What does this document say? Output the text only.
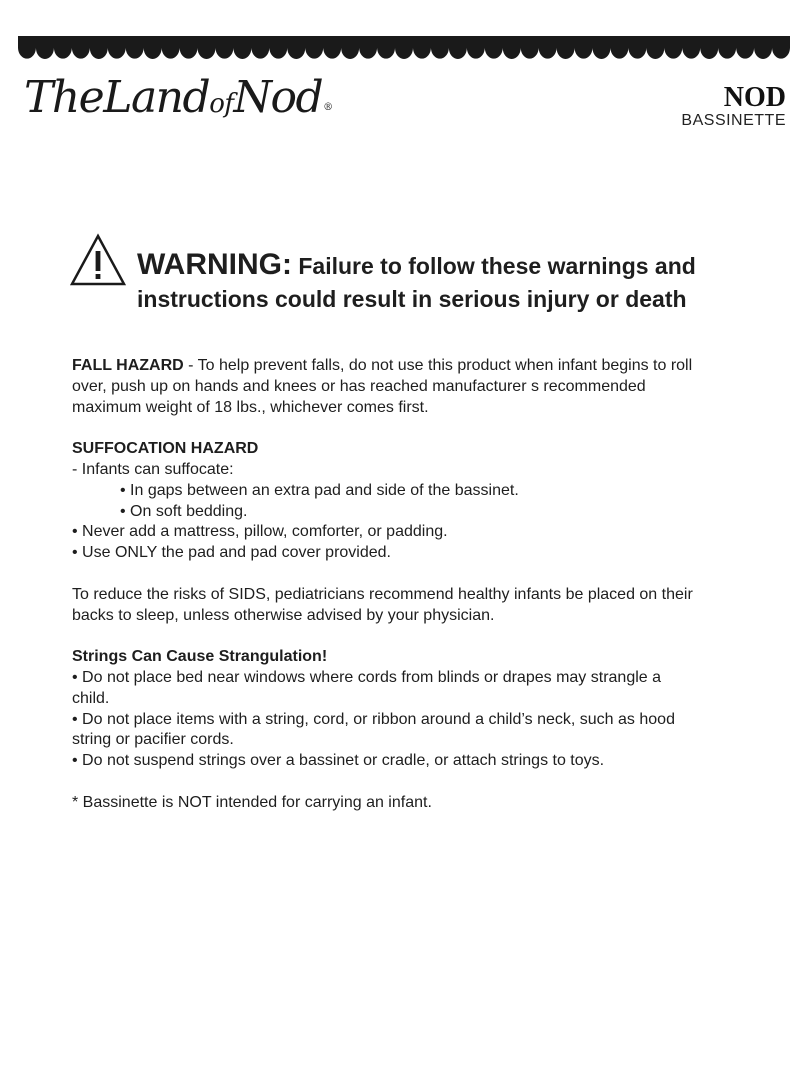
TheLandofNod®	NOD
BASSINETTE
WARNING: Failure to follow these warnings and
instructions could result in serious injury or death

FALL HAZARD - To help prevent falls, do not use this product when infant begins to roll

over, push up on hands and knees or has reached manufacturer s recommended

maximum weight of 18 lbs., whichever comes first.

SUFFOCATION HAZARD

- Infants can suffocate:

• In gaps between an extra pad and side of the bassinet.

• On soft bedding.

• Never add a mattress, pillow, comforter, or padding.

• Use ONLY the pad and pad cover provided.

To reduce the risks of SIDS, pediatricians recommend healthy infants be placed on their

backs to sleep, unless otherwise advised by your physician.

Strings Can Cause Strangulation!

• Do not place bed near windows where cords from blinds or drapes may strangle a

child.

• Do not place items with a string, cord, or ribbon around a child’s neck, such as hood

string or pacifier cords.

• Do not suspend strings over a bassinet or cradle, or attach strings to toys.

* Bassinette is NOT intended for carrying an infant.
